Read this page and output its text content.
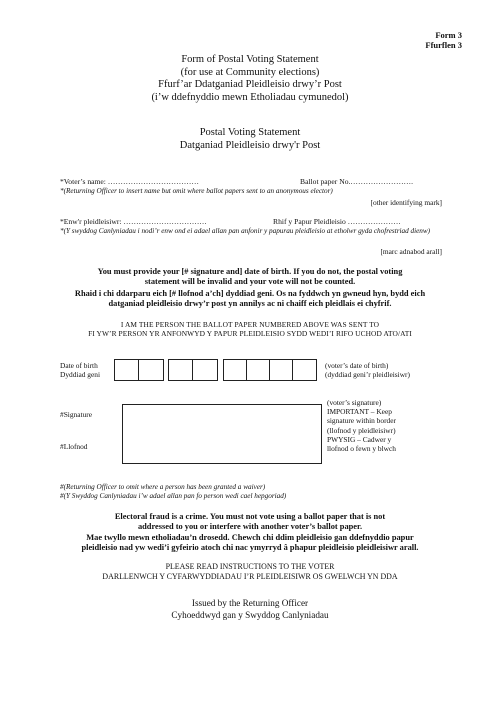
Form 3
Ffurflen 3
Form of Postal Voting Statement
(for use at Community elections)
Ffurf’ar Ddatganiad Pleidleisio drwy’r Post
(i’w ddefnyddio mewn Etholiadau cymunedol)
Postal Voting Statement
Datganiad Pleidleisio drwy'r Post
*Voter’s name: ………………………………	Ballot paper No.…………………….
*(Returning Officer to insert name but omit where ballot papers sent to an anonymous elector)
[other identifying mark]
*Enw'r pleidleisiwr: ……………………………	Rhif y Papur Pleidleisio …………………
*(Y swyddog Canlyniadau i nodi’r enw ond ei adael allan pan anfonir y papurau pleidleisio at etholwr gyda chofrestriad dienw)
[marc adnabod arall]
You must provide your [# signature and] date of birth. If you do not, the postal voting statement will be invalid and your vote will not be counted.
Rhaid i chi ddarparu eich [# llofnod a’ch] dyddiad geni. Os na fyddwch yn gwneud hyn, bydd eich datganiad pleidleisio drwy’r post yn annilys ac ni chaiff eich pleidlais ei chyfrif.
I AM THE PERSON THE BALLOT PAPER NUMBERED ABOVE WAS SENT TO
FI YW’R PERSON YR ANFONWYD Y PAPUR PLEIDLEISIO SYDD WEDI’I RIFO UCHOD ATO/ATI
Date of birth
Dyddiad geni
(voter’s date of birth)
(dyddiad geni’r pleidleisiwr)
#Signature
#Llofnod
(voter’s signature)
IMPORTANT – Keep
signature within border
(llofnod y pleidleisiwr)
PWYSIG – Cadwer y
llofnod o fewn y blwch
#(Returning Officer to omit where a person has been granted a waiver)
#(Y Swyddog Canlyniadau i’w adael allan pan fo person wedi cael hepgoriad)
Electoral fraud is a crime. You must not vote using a ballot paper that is not
addressed to you or interfere with another voter’s ballot paper.
Mae twyllo mewn etholiadau’n drosedd. Chewch chi ddim pleidleisio gan ddefnyddio papur
pleidleisio nad yw wedi’i gyfeirio atoch chi nac ymyrryd â phapur pleidleisio pleidleisiwr arall.
PLEASE READ INSTRUCTIONS TO THE VOTER
DARLLENWCH Y CYFARWYDDIADAU I’R PLEIDLEISIWR OS GWELWCH YN DDA
Issued by the Returning Officer
Cyhoeddwyd gan y Swyddog Canlyniadau
